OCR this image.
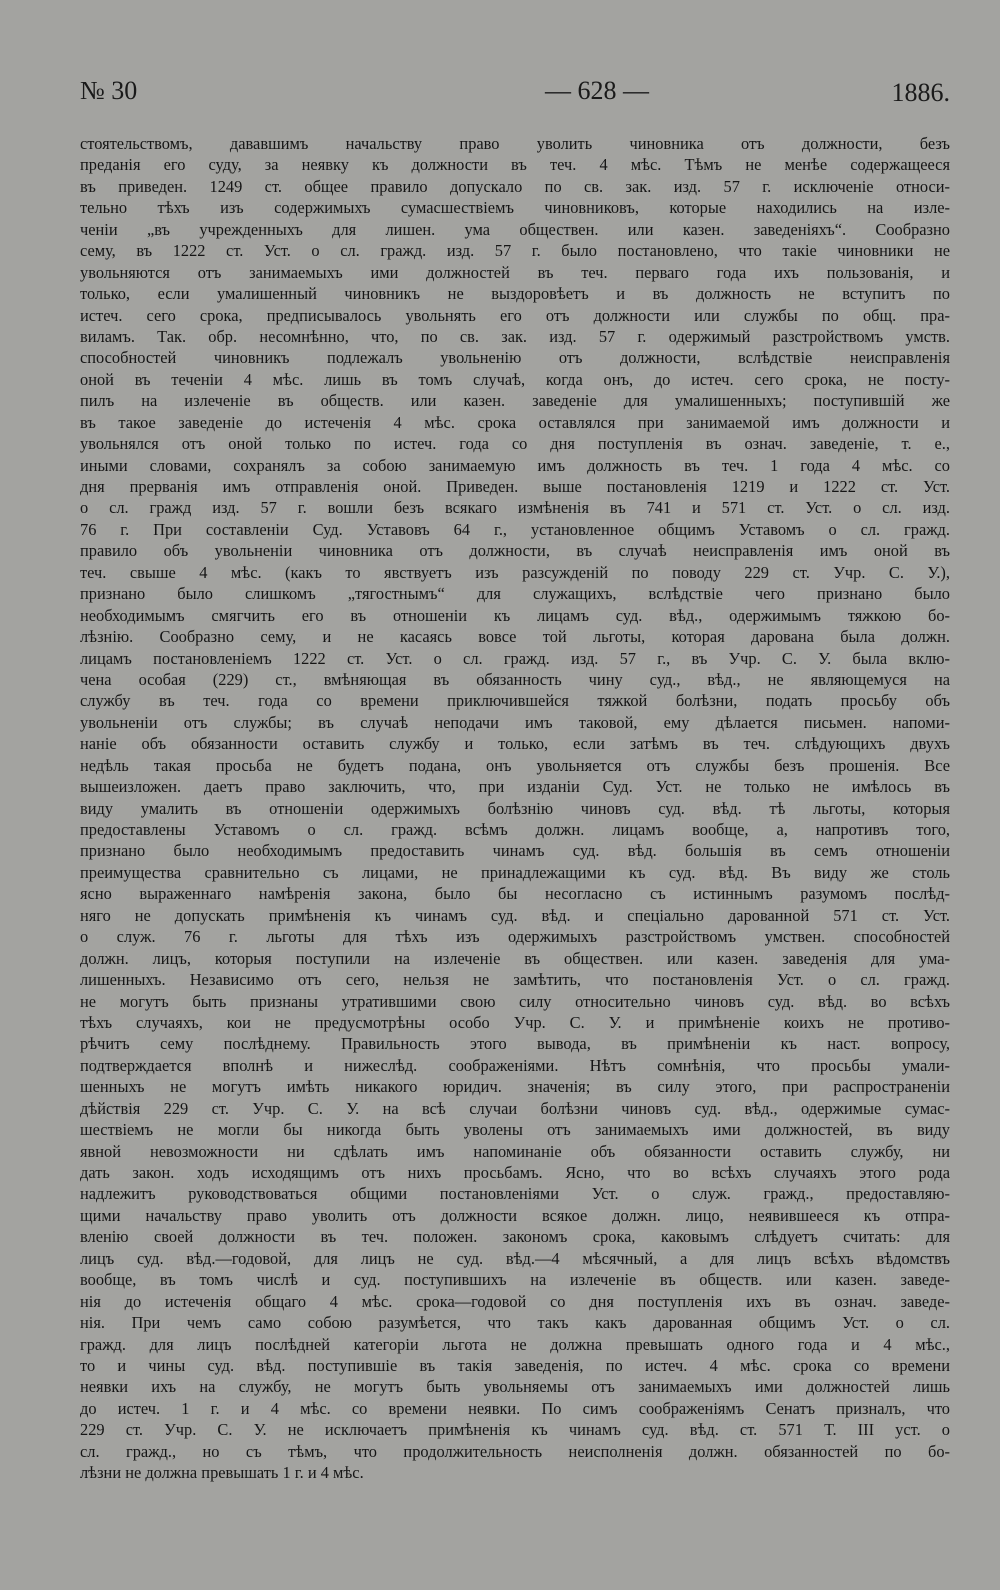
№ 30	— 628 —	1886.
стоятельствомъ, дававшимъ начальству право уволить чиновника отъ должности, безъ
преданія его суду, за неявку къ должности въ теч. 4 мѣс. Тѣмъ не менѣе содержащееся
въ приведен. 1249 ст. общее правило допускало по св. зак. изд. 57 г. исключеніе относи-
тельно тѣхъ изъ содержимыхъ сумасшествіемъ чиновниковъ, которые находились на излe-
ченіи „въ учрежденныхъ для лишен. ума обществен. или казен. заведеніяхъ“. Сообразно
сему, въ 1222 ст. Уст. о сл. гражд. изд. 57 г. было постановлено, что такіе чиновники не
увольняются отъ занимаемыхъ ими должностей въ теч. перваго года ихъ пользованія, и
только, если умалишенный чиновникъ не выздоровѣетъ и въ должность не вступитъ по
истеч. сего срока, предписывалось увольнять его отъ должности или службы по общ. пра-
виламъ. Так. обр. несомнѣнно, что, по св. зак. изд. 57 г. одержимый разстройствомъ умств.
способностей чиновникъ подлежалъ увольненію отъ должности, вслѣдствіе неисправленія
оной въ теченіи 4 мѣс. лишь въ томъ случаѣ, когда онъ, до истеч. сего срока, не посту-
пилъ на излеченіе въ обществ. или казен. заведеніе для умалишенныхъ; поступившій же
въ такое заведеніе до истеченія 4 мѣс. срока оставлялся при занимаемой имъ должности и
увольнялся отъ оной только по истеч. года со дня поступленія въ означ. заведеніе, т. е.,
иными словами, сохранялъ за собою занимаемую имъ должность въ теч. 1 года 4 мѣс. со
дня прерванія имъ отправленія оной. Приведен. выше постановленія 1219 и 1222 ст. Уст.
о сл. гражд изд. 57 г. вошли безъ всякаго измѣненія въ 741 и 571 ст. Уст. о сл. изд.
76 г. При составленіи Суд. Уставовъ 64 г., установленное общимъ Уставомъ о сл. гражд.
правило объ увольненіи чиновника отъ должности, въ случаѣ неисправленія имъ оной въ
теч. свыше 4 мѣс. (какъ то явствуетъ изъ разсужденій по поводу 229 ст. Учр. С. У.),
признано было слишкомъ „тягостнымъ“ для служащихъ, вслѣдствіе чего признано было
необходимымъ смягчить его въ отношеніи къ лицамъ суд. вѣд., одержимымъ тяжкою бо-
лѣзнію. Сообразно сему, и не касаясь вовсе той льготы, которая дарована была должн.
лицамъ постановленіемъ 1222 ст. Уст. о сл. гражд. изд. 57 г., въ Учр. С. У. была вклю-
чена особая (229) ст., вмѣняющая въ обязанность чину суд., вѣд., не являющемуся на
службу въ теч. года со времени приключившейся тяжкой болѣзни, подать просьбу объ
увольненіи отъ службы; въ случаѣ неподачи имъ таковой, ему дѣлается письмен. напоми-
наніе объ обязанности оставить службу и только, если затѣмъ въ теч. слѣдующихъ двухъ
недѣль такая просьба не будетъ подана, онъ увольняется отъ службы безъ прошенія. Все
вышеизложен. даетъ право заключить, что, при изданіи Суд. Уст. не только не имѣлось въ
виду умалить въ отношеніи одержимыхъ болѣзнію чиновъ суд. вѣд. тѣ льготы, которыя
предоставлены Уставомъ о сл. гражд. всѣмъ должн. лицамъ вообще, а, напротивъ того,
признано было необходимымъ предоставить чинамъ суд. вѣд. большія въ семъ отношеніи
преимущества сравнительно съ лицами, не принадлежащими къ суд. вѣд. Въ виду же столь
ясно выраженнаго намѣренія закона, было бы несогласно съ истиннымъ разумомъ послѣд-
няго не допускать примѣненія къ чинамъ суд. вѣд. и спеціально дарованной 571 ст. Уст.
о служ. 76 г. льготы для тѣхъ изъ одержимыхъ разстройствомъ умствен. способностей
должн. лицъ, которыя поступили на излеченіе въ обществен. или казен. заведенія для ума-
лишенныхъ. Независимо отъ сего, нельзя не замѣтить, что постановленія Уст. о сл. гражд.
не могутъ быть признаны утратившими свою силу относительно чиновъ суд. вѣд. во всѣхъ
тѣхъ случаяхъ, кои не предусмотрѣны особо Учр. С. У. и примѣненіе коихъ не противо-
рѣчитъ сему послѣднему. Правильность этого вывода, въ примѣненіи къ наст. вопросу,
подтверждается вполнѣ и нижеслѣд. соображеніями. Нѣтъ сомнѣнія, что просьбы умали-
шенныхъ не могутъ имѣть никакого юридич. значенія; въ силу этого, при распространеніи
дѣйствія 229 ст. Учр. С. У. на всѣ случаи болѣзни чиновъ суд. вѣд., одержимые сумас-
шествіемъ не могли бы никогда быть уволены отъ занимаемыхъ ими должностей, въ виду
явной невозможности ни сдѣлать имъ напоминаніе объ обязанности оставить службу, ни
дать закон. ходъ исходящимъ отъ нихъ просьбамъ. Ясно, что во всѣхъ случаяхъ этого рода
надлежитъ руководствоваться общими постановленіями Уст. о служ. гражд., предоставляю-
щими начальству право уволить отъ должности всякое должн. лицо, неявившееся къ отпра-
вленію своей должности въ теч. положен. закономъ срока, каковымъ слѣдуетъ считать: для
лицъ суд. вѣд.—годовой, для лицъ не суд. вѣд.—4 мѣсячный, а для лицъ всѣхъ вѣдомствъ
вообще, въ томъ числѣ и суд. поступившихъ на излеченіе въ обществ. или казен. заведе-
нія до истеченія общаго 4 мѣс. срока—годовой со дня поступленія ихъ въ означ. заведе-
нія. При чемъ само собою разумѣется, что такъ какъ дарованная общимъ Уст. о сл.
гражд. для лицъ послѣдней категоріи льгота не должна превышать одного года и 4 мѣс.,
то и чины суд. вѣд. поступившіе въ такія заведенія, по истеч. 4 мѣс. срока со времени
неявки ихъ на службу, не могутъ быть увольняемы отъ занимаемыхъ ими должностей лишь
до истеч. 1 г. и 4 мѣс. со времени неявки. По симъ соображеніямъ Сенатъ призналъ, что
229 ст. Учр. С. У. не исключаетъ примѣненія къ чинамъ суд. вѣд. ст. 571 Т. III уст. о
сл. гражд., но съ тѣмъ, что продолжительность неисполненія должн. обязанностей по бо-
лѣзни не должна превышать 1 г. и 4 мѣс.
